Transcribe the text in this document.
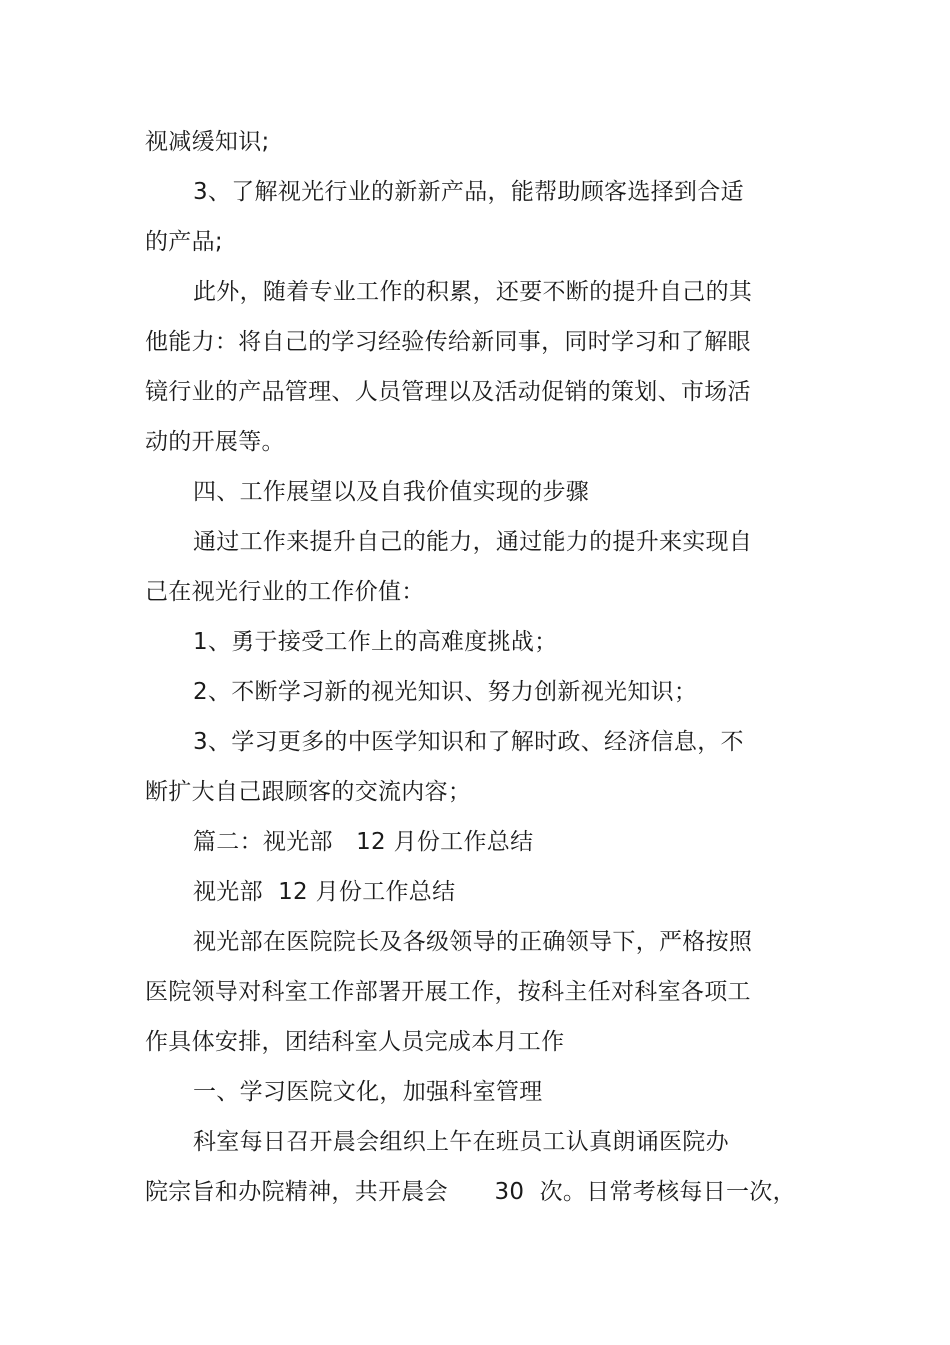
视减缓知识;
3、了解视光行业的新新产品，能帮助顾客选择到合适
的产品;
此外，随着专业工作的积累，还要不断的提升自己的其
他能力：将自己的学习经验传给新同事，同时学习和了解眼
镜行业的产品管理、人员管理以及活动促销的策划、市场活
动的开展等。
四、工作展望以及自我价值实现的步骤
通过工作来提升自己的能力，通过能力的提升来实现自
己在视光行业的工作价值：
1、勇于接受工作上的高难度挑战；
2、不断学习新的视光知识、努力创新视光知识；
3、学习更多的中医学知识和了解时政、经济信息，不
断扩大自己跟顾客的交流内容；
篇二：视光部　12 月份工作总结
视光部  12 月份工作总结
视光部在医院院长及各级领导的正确领导下，严格按照
医院领导对科室工作部署开展工作，按科主任对科室各项工
作具体安排，团结科室人员完成本月工作
一、学习医院文化，加强科室管理
科室每日召开晨会组织上午在班员工认真朗诵医院办
院宗旨和办院精神，共开晨会　　30  次。日常考核每日一次，
